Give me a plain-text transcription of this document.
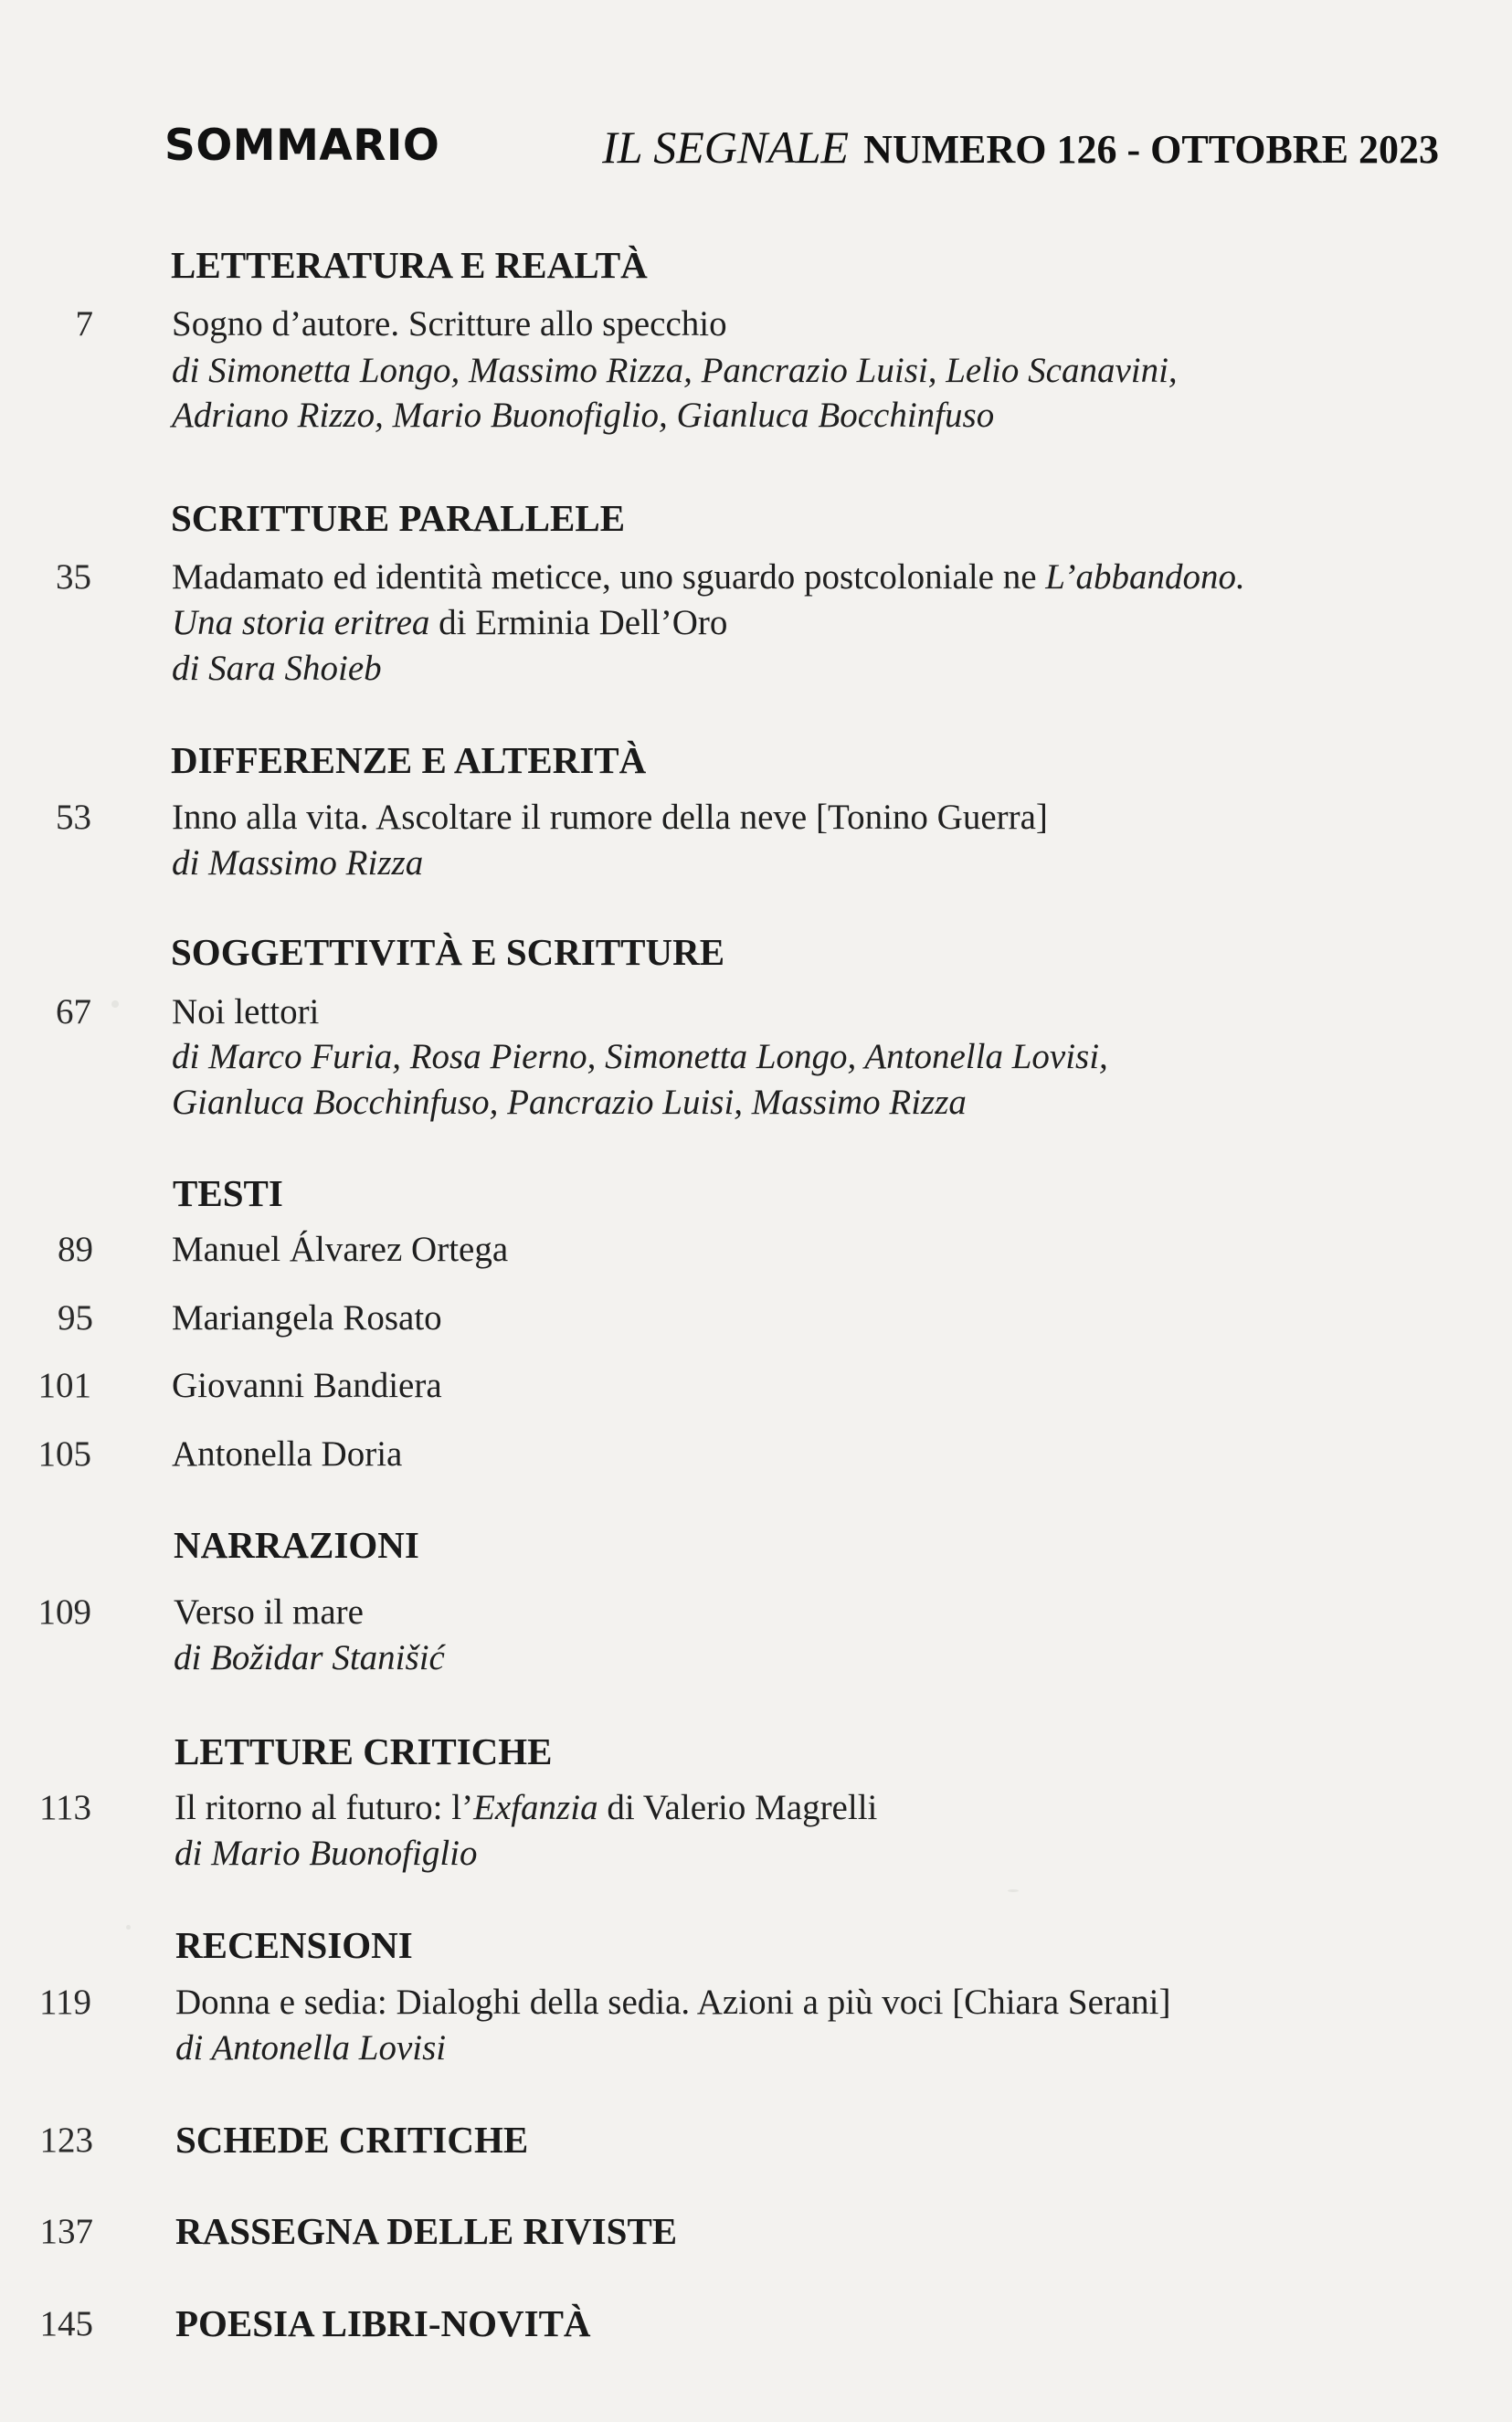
SOMMARIO	IL SEGNALE NUMERO 126 - OTTOBRE 2023
LETTERATURA E REALTÀ
7 Sogno d’autore. Scritture allo specchio
di Simonetta Longo, Massimo Rizza, Pancrazio Luisi, Lelio Scanavini,
Adriano Rizzo, Mario Buonofiglio, Gianluca Bocchinfuso
SCRITTURE PARALLELE
35 Madamato ed identità meticce, uno sguardo postcoloniale ne L’abbandono.
Una storia eritrea di Erminia Dell’Oro
di Sara Shoieb
DIFFERENZE E ALTERITÀ
53 Inno alla vita. Ascoltare il rumore della neve [Tonino Guerra]
di Massimo Rizza
SOGGETTIVITÀ E SCRITTURE
67 Noi lettori
di Marco Furia, Rosa Pierno, Simonetta Longo, Antonella Lovisi,
Gianluca Bocchinfuso, Pancrazio Luisi, Massimo Rizza
TESTI
89 Manuel Álvarez Ortega
95 Mariangela Rosato
101 Giovanni Bandiera
105 Antonella Doria
NARRAZIONI
109 Verso il mare
di Božidar Stanišić
LETTURE CRITICHE
113 Il ritorno al futuro: l’Exfanzia di Valerio Magrelli
di Mario Buonofiglio
RECENSIONI
119 Donna e sedia: Dialoghi della sedia. Azioni a più voci [Chiara Serani]
di Antonella Lovisi
123 SCHEDE CRITICHE
137 RASSEGNA DELLE RIVISTE
145 POESIA LIBRI-NOVITÀ
